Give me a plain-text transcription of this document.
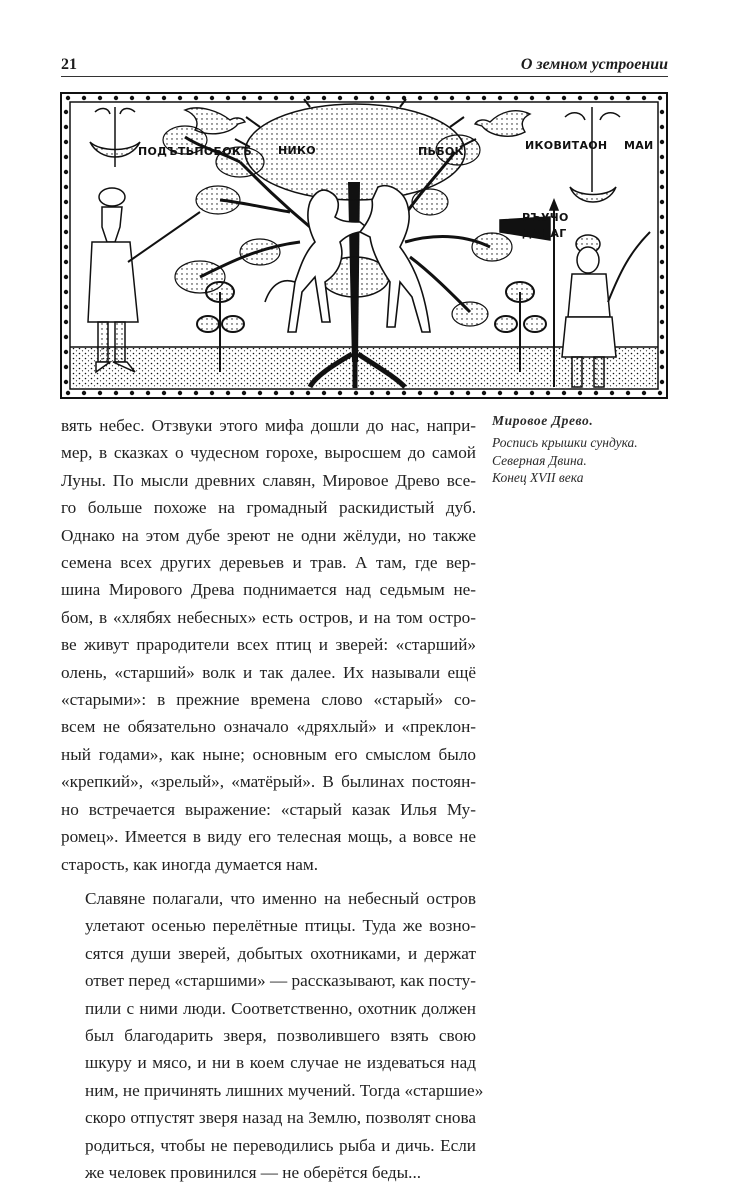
21	О земном устроении
ПОДЪТЬПОБОКЪ НИКО	ПЬБОК	ИКОВИТАОН МАИ
РЪУЧО
ДАНАГ

вять небес. Отзвуки этого мифа дошли до нас, напри-
мер, в сказках о чудесном горохе, выросшем до самой
Луны. По мысли древних славян, Мировое Древо все-
го больше похоже на громадный раскидистый дуб.
Однако на этом дубе зреют не одни жёлуди, но также
семена всех других деревьев и трав. А там, где вер-
шина Мирового Древа поднимается над седьмым не-
бом, в «хлябях небесных» есть остров, и на том остро-
ве живут прародители всех птиц и зверей: «старший»
олень, «старший» волк и так далее. Их называли ещё
«старыми»: в прежние времена слово «старый» со-
всем не обязательно означало «дряхлый» и «преклон-
ный годами», как ныне; основным его смыслом было
«крепкий», «зрелый», «матёрый». В былинах постоян-
но встречается выражение: «старый казак Илья Му-
ромец». Имеется в виду его телесная мощь, а вовсе не
старость, как иногда думается нам.

Славяне полагали, что именно на небесный остров
улетают осенью перелётные птицы. Туда же возно-
сятся души зверей, добытых охотниками, и держат
ответ перед «старшими» — рассказывают, как посту-
пили с ними люди. Соответственно, охотник должен
был благодарить зверя, позволившего взять свою
шкуру и мясо, и ни в коем случае не издеваться над
ним, не причинять лишних мучений. Тогда «старшие»
скоро отпустят зверя назад на Землю, позволят снова
родиться, чтобы не переводились рыба и дичь. Если
же человек провинился — не оберётся беды...

Мировое Древо.
Роспись крышки сундука.
Северная Двина.
Конец XVII века
